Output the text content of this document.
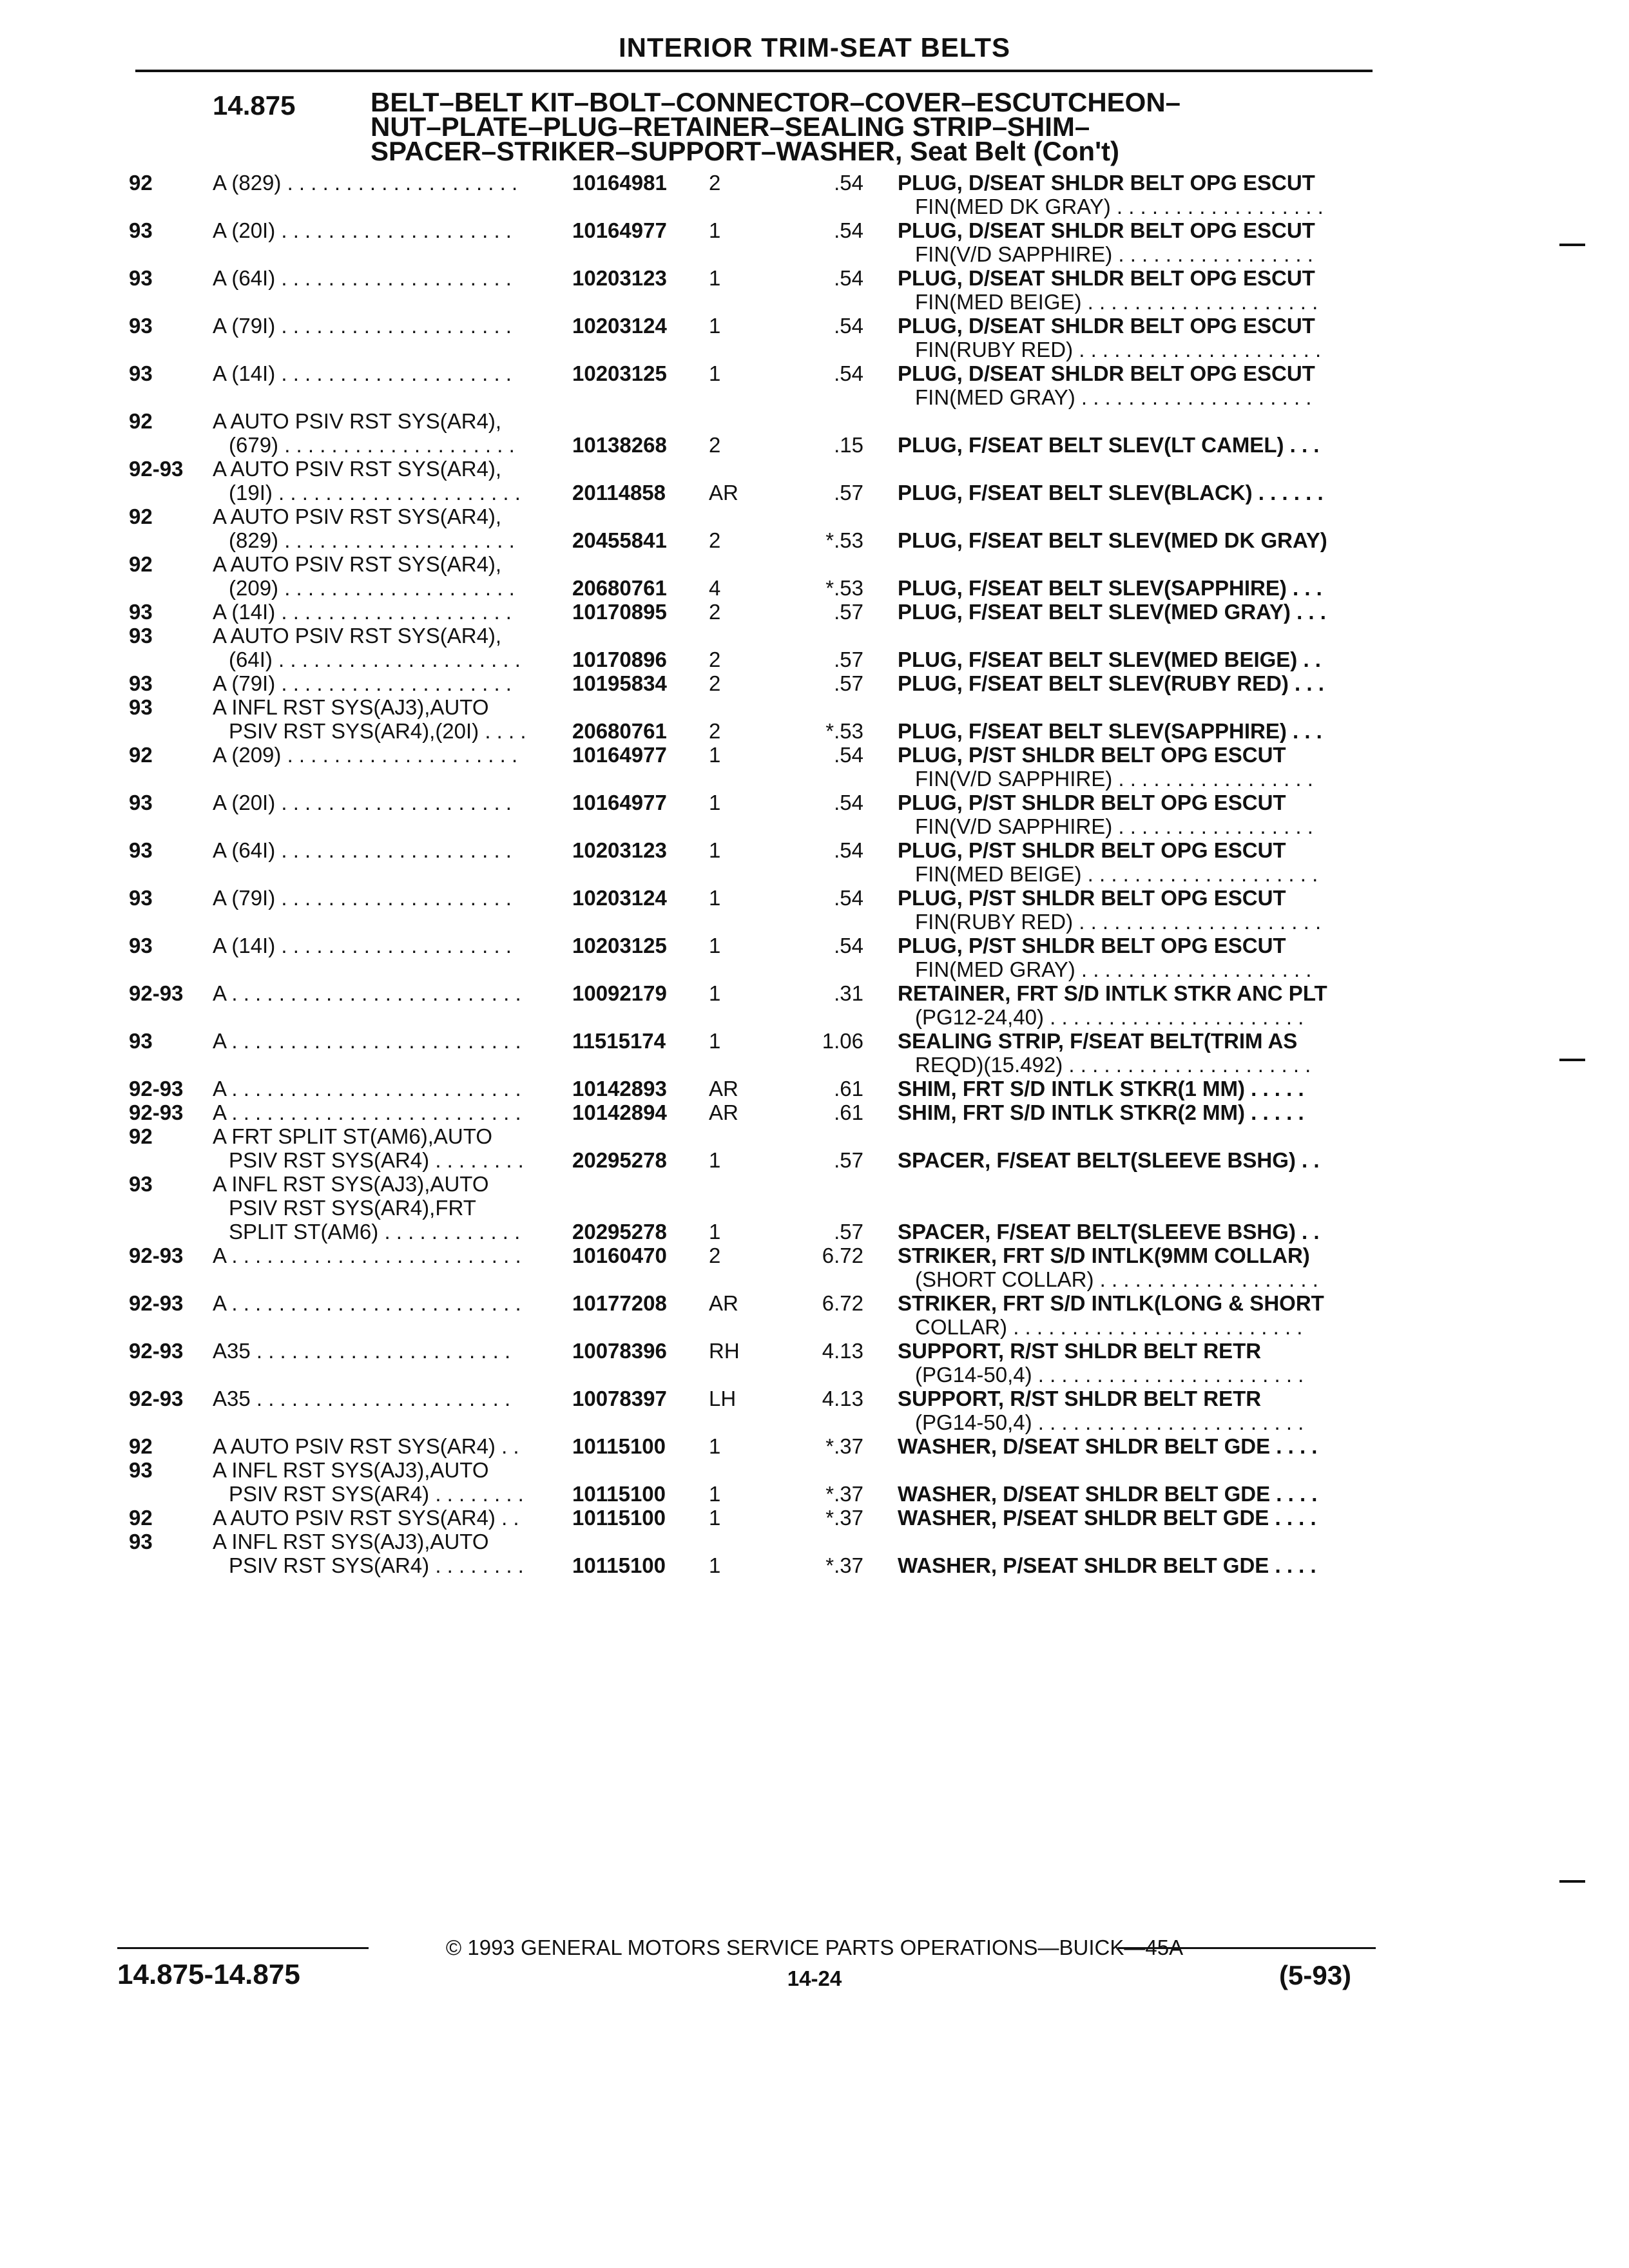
INTERIOR TRIM-SEAT BELTS
14.875	BELT–BELT KIT–BOLT–CONNECTOR–COVER–ESCUTCHEON–
NUT–PLATE–PLUG–RETAINER–SEALING STRIP–SHIM–
SPACER–STRIKER–SUPPORT–WASHER, Seat Belt (Con't)
92	A (829) . . . . . . . . . . . . . . . . . . . .	10164981 2	.54 PLUG, D/SEAT SHLDR BELT OPG ESCUT
FIN(MED DK GRAY) . . . . . . . . . . . . . . . . . .
93	A (20I) . . . . . . . . . . . . . . . . . . . .	10164977 1	.54 PLUG, D/SEAT SHLDR BELT OPG ESCUT
FIN(V/D SAPPHIRE) . . . . . . . . . . . . . . . . .
93	A (64I) . . . . . . . . . . . . . . . . . . . .	10203123 1	.54 PLUG, D/SEAT SHLDR BELT OPG ESCUT
FIN(MED BEIGE) . . . . . . . . . . . . . . . . . . . .
93	A (79I) . . . . . . . . . . . . . . . . . . . .	10203124 1	.54 PLUG, D/SEAT SHLDR BELT OPG ESCUT
FIN(RUBY RED) . . . . . . . . . . . . . . . . . . . . .
93	A (14I) . . . . . . . . . . . . . . . . . . . .	10203125 1	.54 PLUG, D/SEAT SHLDR BELT OPG ESCUT
FIN(MED GRAY) . . . . . . . . . . . . . . . . . . . .
92	A AUTO PSIV RST SYS(AR4),
(679) . . . . . . . . . . . . . . . . . . . .	10138268 2	.15 PLUG, F/SEAT BELT SLEV(LT CAMEL) . . .
92-93 A AUTO PSIV RST SYS(AR4),
(19I) . . . . . . . . . . . . . . . . . . . . .	20114858 AR	.57 PLUG, F/SEAT BELT SLEV(BLACK) . . . . . .
92	A AUTO PSIV RST SYS(AR4),
(829) . . . . . . . . . . . . . . . . . . . .	20455841 2	*.53 PLUG, F/SEAT BELT SLEV(MED DK GRAY)
92	A AUTO PSIV RST SYS(AR4),
(209) . . . . . . . . . . . . . . . . . . . .	20680761 4	*.53 PLUG, F/SEAT BELT SLEV(SAPPHIRE) . . .
93	A (14I) . . . . . . . . . . . . . . . . . . . .	10170895 2	.57 PLUG, F/SEAT BELT SLEV(MED GRAY) . . .
93	A AUTO PSIV RST SYS(AR4),
(64I) . . . . . . . . . . . . . . . . . . . . .	10170896 2	.57 PLUG, F/SEAT BELT SLEV(MED BEIGE) . .
93	A (79I) . . . . . . . . . . . . . . . . . . . .	10195834 2	.57 PLUG, F/SEAT BELT SLEV(RUBY RED) . . .
93	A INFL RST SYS(AJ3),AUTO
PSIV RST SYS(AR4),(20I) . . . .	20680761 2	*.53 PLUG, F/SEAT BELT SLEV(SAPPHIRE) . . .
92	A (209) . . . . . . . . . . . . . . . . . . . .	10164977 1	.54 PLUG, P/ST SHLDR BELT OPG ESCUT
FIN(V/D SAPPHIRE) . . . . . . . . . . . . . . . . .
93	A (20I) . . . . . . . . . . . . . . . . . . . .	10164977 1	.54 PLUG, P/ST SHLDR BELT OPG ESCUT
FIN(V/D SAPPHIRE) . . . . . . . . . . . . . . . . .
93	A (64I) . . . . . . . . . . . . . . . . . . . .	10203123 1	.54 PLUG, P/ST SHLDR BELT OPG ESCUT
FIN(MED BEIGE) . . . . . . . . . . . . . . . . . . . .
93	A (79I) . . . . . . . . . . . . . . . . . . . .	10203124 1	.54 PLUG, P/ST SHLDR BELT OPG ESCUT
FIN(RUBY RED) . . . . . . . . . . . . . . . . . . . . .
93	A (14I) . . . . . . . . . . . . . . . . . . . .	10203125 1	.54 PLUG, P/ST SHLDR BELT OPG ESCUT
FIN(MED GRAY) . . . . . . . . . . . . . . . . . . . .
92-93 A . . . . . . . . . . . . . . . . . . . . . . . . .	10092179 1	.31 RETAINER, FRT S/D INTLK STKR ANC PLT
(PG12-24,40) . . . . . . . . . . . . . . . . . . . . . .
93	A . . . . . . . . . . . . . . . . . . . . . . . . .	11515174 1	1.06 SEALING STRIP, F/SEAT BELT(TRIM AS
REQD)(15.492) . . . . . . . . . . . . . . . . . . . . .
92-93 A . . . . . . . . . . . . . . . . . . . . . . . . .	10142893 AR	.61 SHIM, FRT S/D INTLK STKR(1 MM) . . . . .
92-93 A . . . . . . . . . . . . . . . . . . . . . . . . .	10142894 AR	.61 SHIM, FRT S/D INTLK STKR(2 MM) . . . . .
92	A FRT SPLIT ST(AM6),AUTO
PSIV RST SYS(AR4) . . . . . . . .	20295278 1	.57 SPACER, F/SEAT BELT(SLEEVE BSHG) . .
93	A INFL RST SYS(AJ3),AUTO
PSIV RST SYS(AR4),FRT
SPLIT ST(AM6) . . . . . . . . . . . .	20295278 1	.57 SPACER, F/SEAT BELT(SLEEVE BSHG) . .
92-93 A . . . . . . . . . . . . . . . . . . . . . . . . .	10160470 2	6.72 STRIKER, FRT S/D INTLK(9MM COLLAR)
(SHORT COLLAR) . . . . . . . . . . . . . . . . . . .
92-93 A . . . . . . . . . . . . . . . . . . . . . . . . .	10177208 AR	6.72 STRIKER, FRT S/D INTLK(LONG & SHORT
COLLAR) . . . . . . . . . . . . . . . . . . . . . . . . .
92-93 A35 . . . . . . . . . . . . . . . . . . . . . .	10078396 RH	4.13 SUPPORT, R/ST SHLDR BELT RETR
(PG14-50,4) . . . . . . . . . . . . . . . . . . . . . . .
92-93 A35 . . . . . . . . . . . . . . . . . . . . . .	10078397 LH	4.13 SUPPORT, R/ST SHLDR BELT RETR
(PG14-50,4) . . . . . . . . . . . . . . . . . . . . . . .
92	A AUTO PSIV RST SYS(AR4) . .	10115100 1	*.37 WASHER, D/SEAT SHLDR BELT GDE . . . .
93	A INFL RST SYS(AJ3),AUTO
PSIV RST SYS(AR4) . . . . . . . .	10115100 1	*.37 WASHER, D/SEAT SHLDR BELT GDE . . . .
92	A AUTO PSIV RST SYS(AR4) . .	10115100 1	*.37 WASHER, P/SEAT SHLDR BELT GDE . . . .
93	A INFL RST SYS(AJ3),AUTO
PSIV RST SYS(AR4) . . . . . . . .	10115100 1	*.37 WASHER, P/SEAT SHLDR BELT GDE . . . .
© 1993 GENERAL MOTORS SERVICE PARTS OPERATIONS—BUICK—45A
14.875-14.875	14-24	(5-93)
